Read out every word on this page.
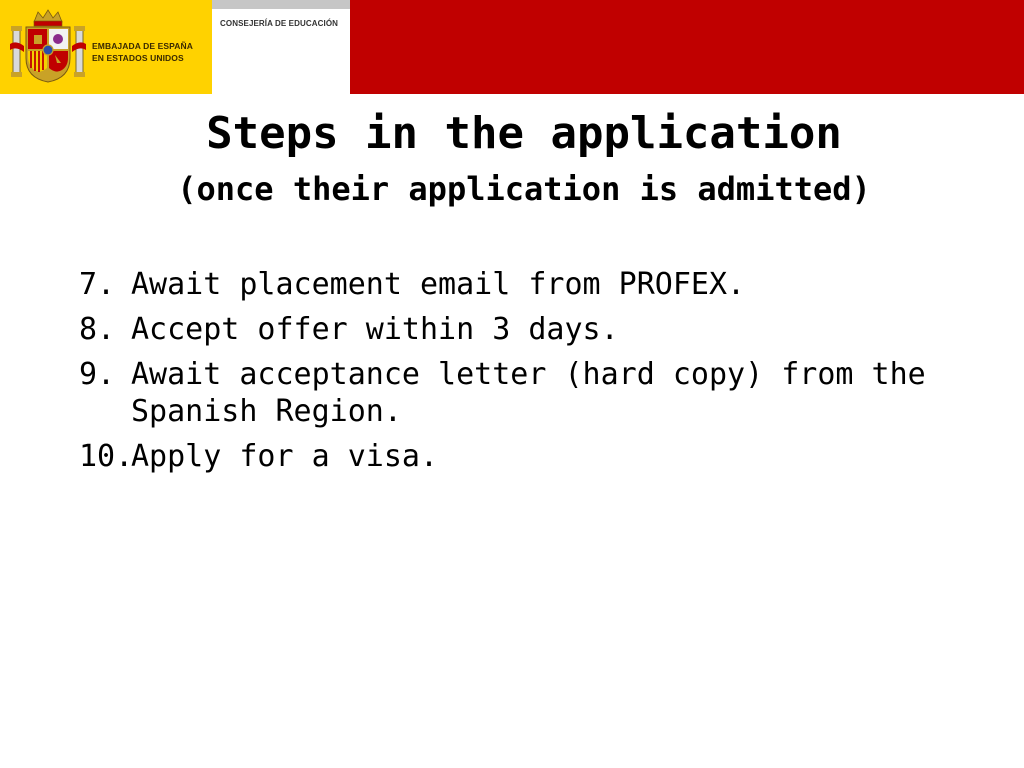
EMBAJADA DE ESPAÑA
EN ESTADOS UNIDOS
CONSEJERÍA DE EDUCACIÓN
Steps in the application
(once their application is admitted)
7. Await placement email from PROFEX.
8. Accept offer within 3 days.
9. Await acceptance letter (hard copy) from the Spanish Region.
10.
Apply for a visa.
